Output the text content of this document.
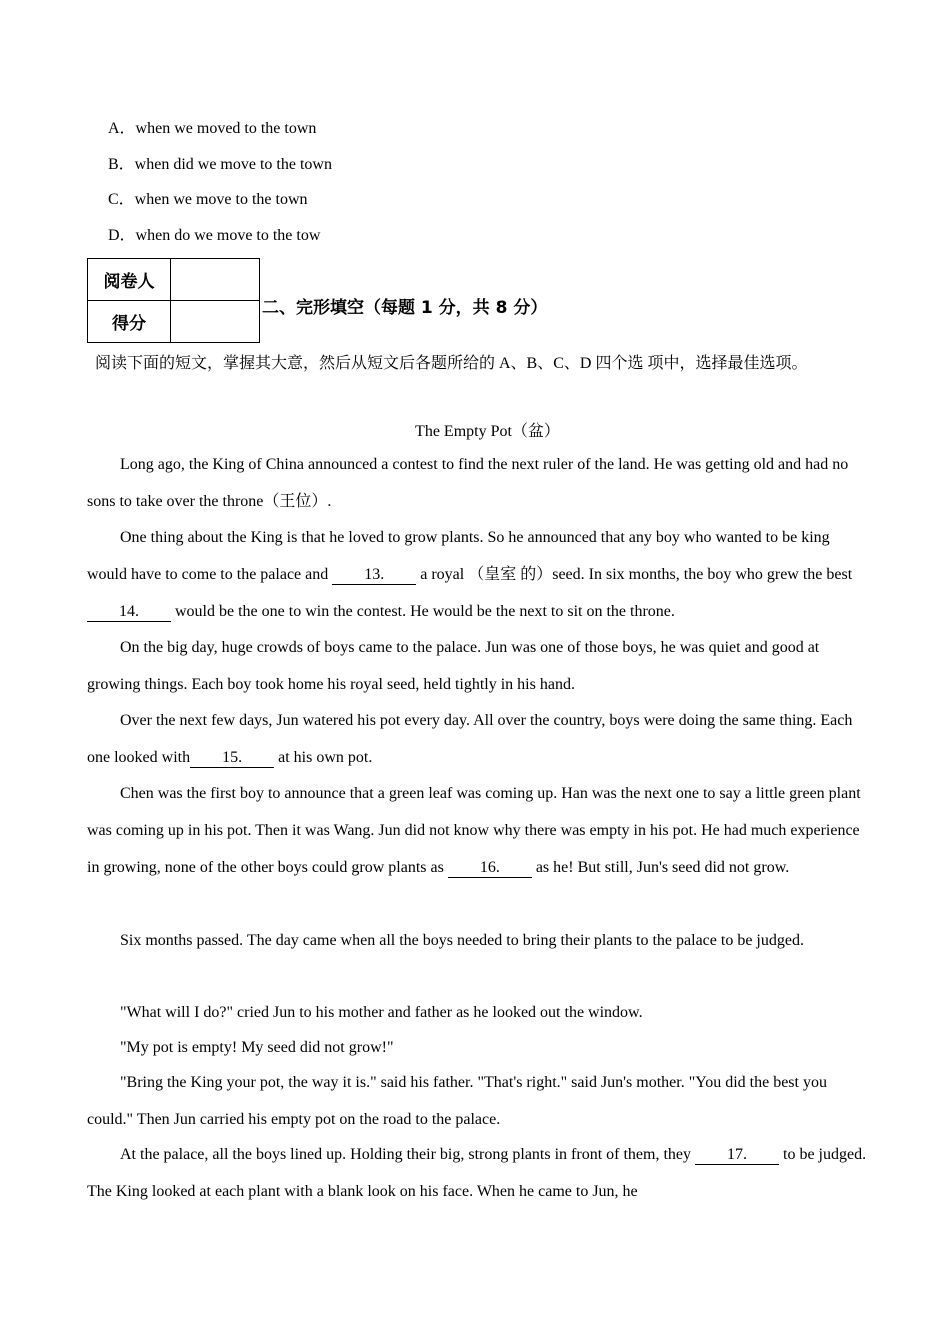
A．when we moved to the town
B．when did we move to the town
C．when we move to the town
D．when do we move to the tow
阅卷人	
得分	
二、完形填空（每题 1 分，共 8 分）
阅读下面的短文，掌握其大意，然后从短文后各题所给的 A、B、C、D 四个选 项中，选择最佳选项。
The Empty Pot（盆）
Long ago, the King of China announced a contest to find the next ruler of the land. He was getting old and had no sons to take over the throne（王位）.
One thing about the King is that he loved to grow plants. So he announced that any boy who wanted to be king would have to come to the palace and 13. a royal （皇室 的）seed. In six months, the boy who grew the best14. would be the one to win the contest. He would be the next to sit on the throne.
On the big day, huge crowds of boys came to the palace. Jun was one of those boys, he was quiet and good at growing things. Each boy took home his royal seed, held tightly in his hand.
Over the next few days, Jun watered his pot every day. All over the country, boys were doing the same thing. Each one looked with 15. at his own pot.
Chen was the first boy to announce that a green leaf was coming up. Han was the next one to say a little green plant was coming up in his pot. Then it was Wang. Jun did not know why there was empty in his pot. He had much experience in growing, none of the other boys could grow plants as 16. as he! But still, Jun's seed did not grow.
Six months passed. The day came when all the boys needed to bring their plants to the palace to be judged.
"What will I do?" cried Jun to his mother and father as he looked out the window.
"My pot is empty! My seed did not grow!"
"Bring the King your pot, the way it is." said his father. "That's right." said Jun's mother. "You did the best you could." Then Jun carried his empty pot on the road to the palace.
At the palace, all the boys lined up. Holding their big, strong plants in front of them, they 17. to be judged. The King looked at each plant with a blank look on his face. When he came to Jun, he
